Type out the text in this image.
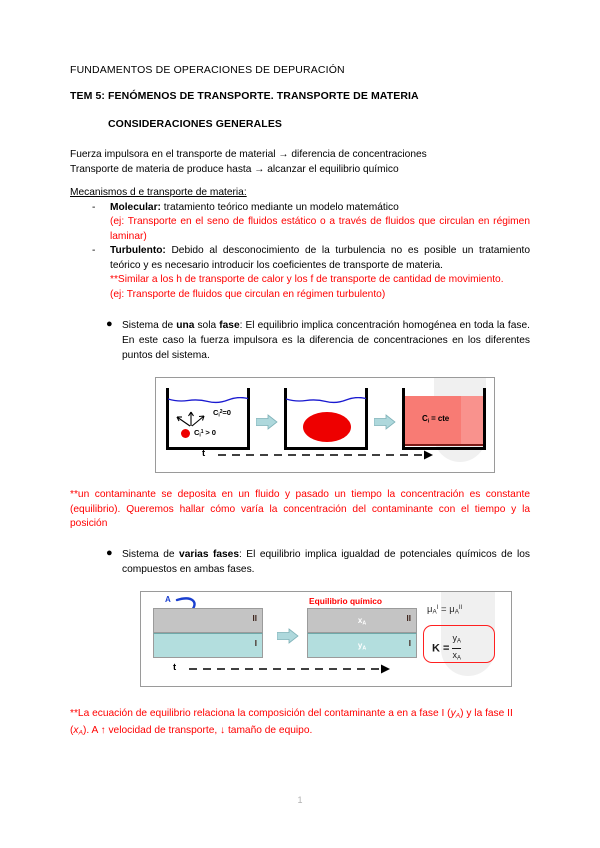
FUNDAMENTOS DE OPERACIONES DE DEPURACIÓN

TEM 5: FENÓMENOS DE TRANSPORTE. TRANSPORTE DE MATERIA

CONSIDERACIONES GENERALES

Fuerza impulsora en el transporte de material → diferencia de concentraciones

Transporte de materia de produce hasta → alcanzar el equilibrio químico

Mecanismos d e transporte de materia:

- Molecular: tratamiento teórico mediante un modelo matemático
(ej: Transporte en el seno de fluidos estático o a través de fluidos que circulan en régimen laminar)
- Turbulento: Debido al desconocimiento de la turbulencia no es posible un tratamiento teórico y es necesario introducir los coeficientes de transporte de materia.
**Similar a los h de transporte de calor y los f de transporte de cantidad de movimiento.
(ej: Transporte de fluidos que circulan en régimen turbulento)
● Sistema de una sola fase: El equilibrio implica concentración homogénea en toda la fase. En este caso la fuerza impulsora es la diferencia de concentraciones en los diferentes puntos del sistema.
$C_i^2=0$
$C_i^1 > 0$
$C_i$ = cte
t

**un contaminante se deposita en un fluido y pasado un tiempo la concentración es constante (equilibrio). Queremos hallar cómo varía la concentración del contaminante con el tiempo y la posición

● Sistema de varias fases: El equilibrio implica igualdad de potenciales químicos de los compuestos en ambas fases.
A
II
I
Equilibrio químico
$x_A$
II
$y_A$
I
$\mu_A^I = \mu_A^{II}$
$K = \frac{y_A}{x_A}$
t

**La ecuación de equilibrio relaciona la composición del contaminante a en a fase I $(y_A)$ y la fase II $(x_A)$. A ↑ velocidad de transporte, ↓ tamaño de equipo.

1
